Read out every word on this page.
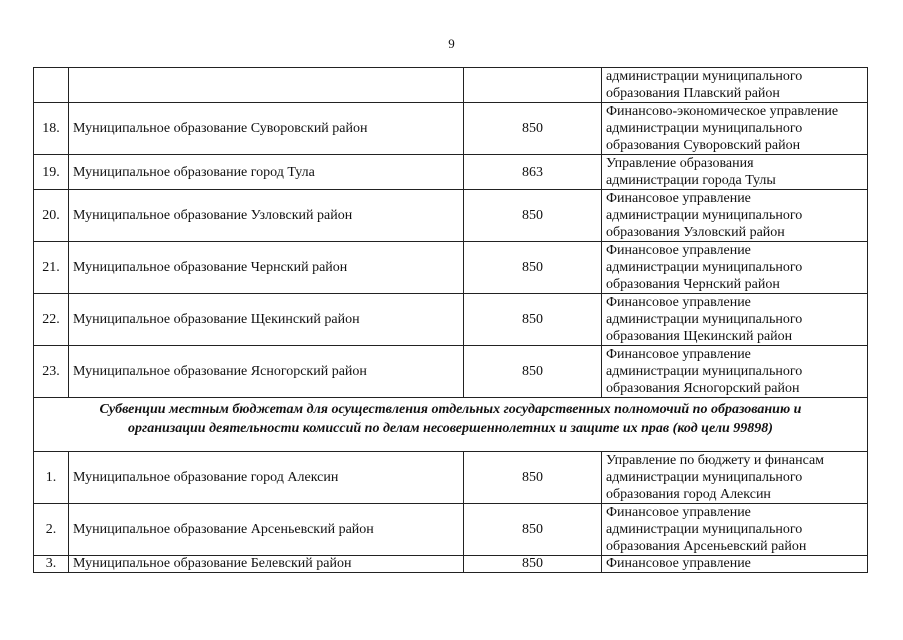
9

			администрации муниципального
образования Плавский район

18.	Муниципальное образование Суворовский район	850	Финансово-экономическое управление
администрации муниципального
образования Суворовский район

19.	Муниципальное образование город Тула	863	Управление образования
администрации города Тулы

20.	Муниципальное образование Узловский район	850	Финансовое управление
администрации муниципального
образования Узловский район

21.	Муниципальное образование Чернский район	850	Финансовое управление
администрации муниципального
образования Чернский район

22.	Муниципальное образование Щекинский район	850	Финансовое управление
администрации муниципального
образования Щекинский район

23.	Муниципальное образование Ясногорский район	850	Финансовое управление
администрации муниципального
образования Ясногорский район

Субвенции местным бюджетам для осуществления отдельных государственных полномочий по образованию и
организации деятельности комиссий по делам несовершеннолетних и защите их прав (код цели 99898)			

1.	Муниципальное образование город Алексин	850	Управление по бюджету и финансам
администрации муниципального
образования город Алексин

2.	Муниципальное образование Арсеньевский район	850	Финансовое управление
администрации муниципального
образования Арсеньевский район

3.	Муниципальное образование Белевский район	850	Финансовое управление
